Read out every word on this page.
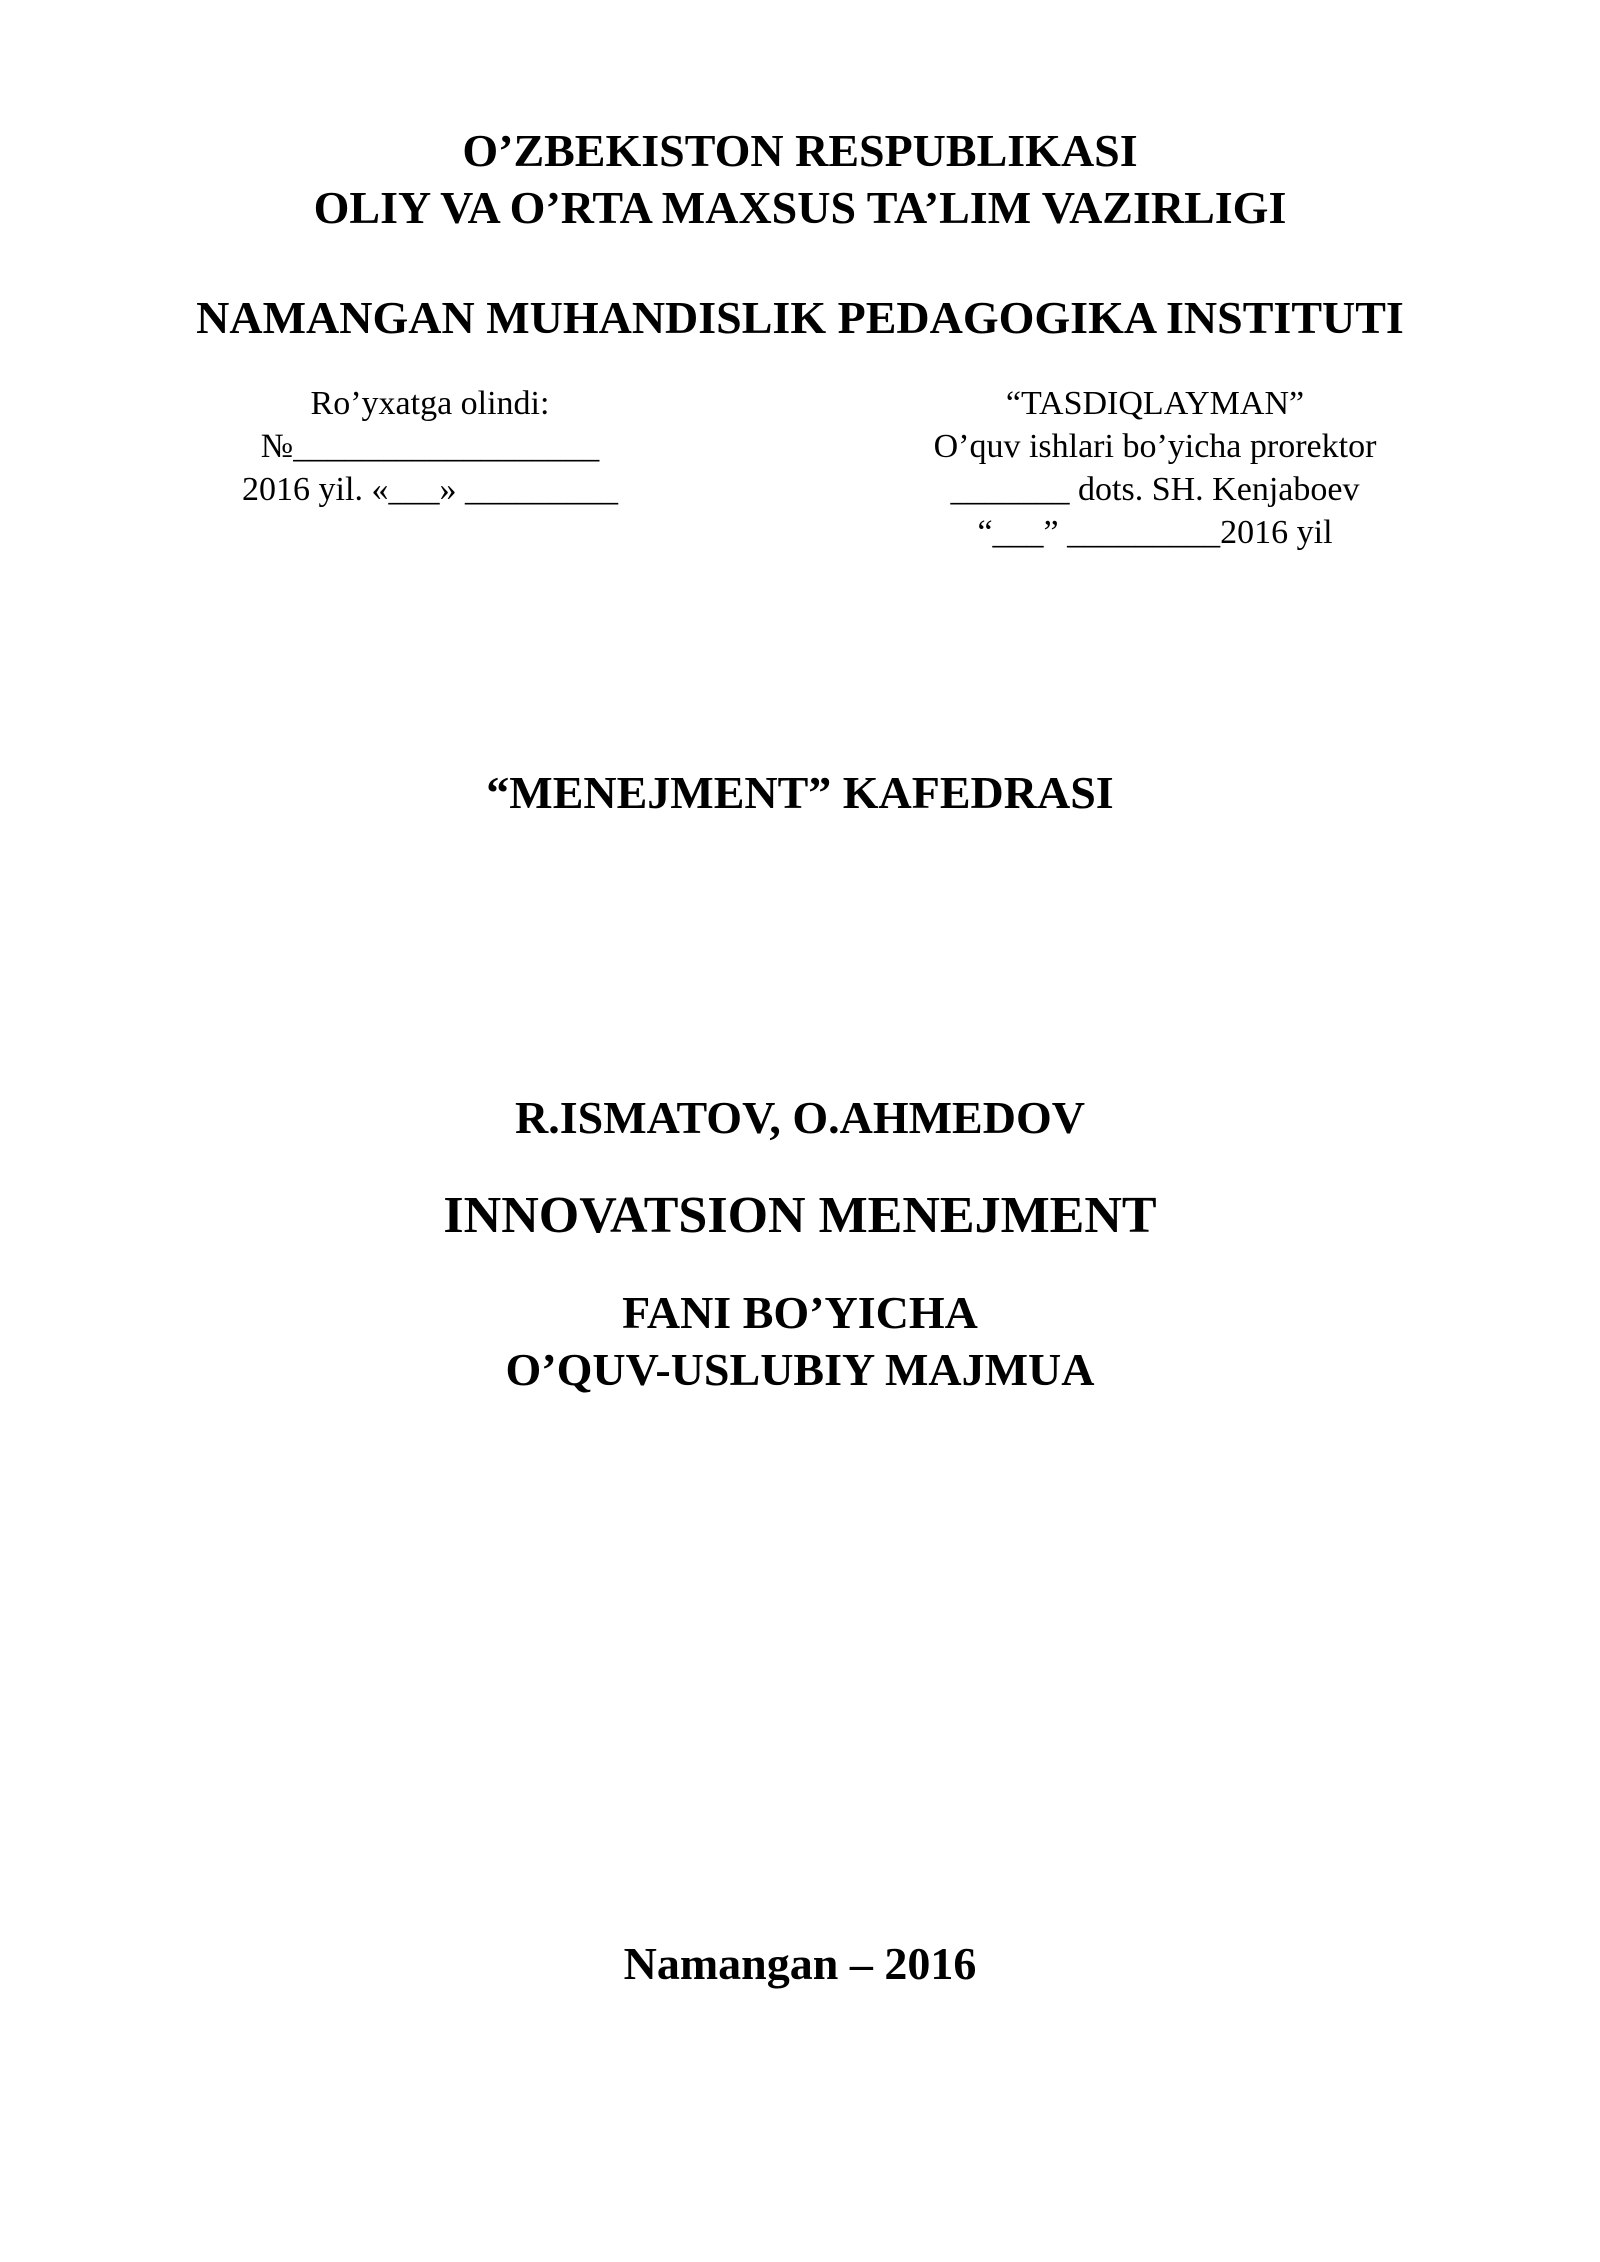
O’ZBEKISTON RESPUBLIKASI
OLIY VA O’RTA MAXSUS TA’LIM VAZIRLIGI
NAMANGAN MUHANDISLIK PEDAGOGIKA INSTITUTI
Ro’yxatga olindi:
№__________________
2016 yil. «___» _________
“TASDIQLAYMAN”
O’quv ishlari bo’yicha prorektor
_______ dots. SH. Kenjaboev
“___” _________2016 yil
“MENEJMENT” KAFEDRASI
R.ISMATOV, O.AHMEDOV
INNOVATSION MENEJMENT
FANI BO’YICHA
O’QUV-USLUBIY MAJMUA
Namangan – 2016
